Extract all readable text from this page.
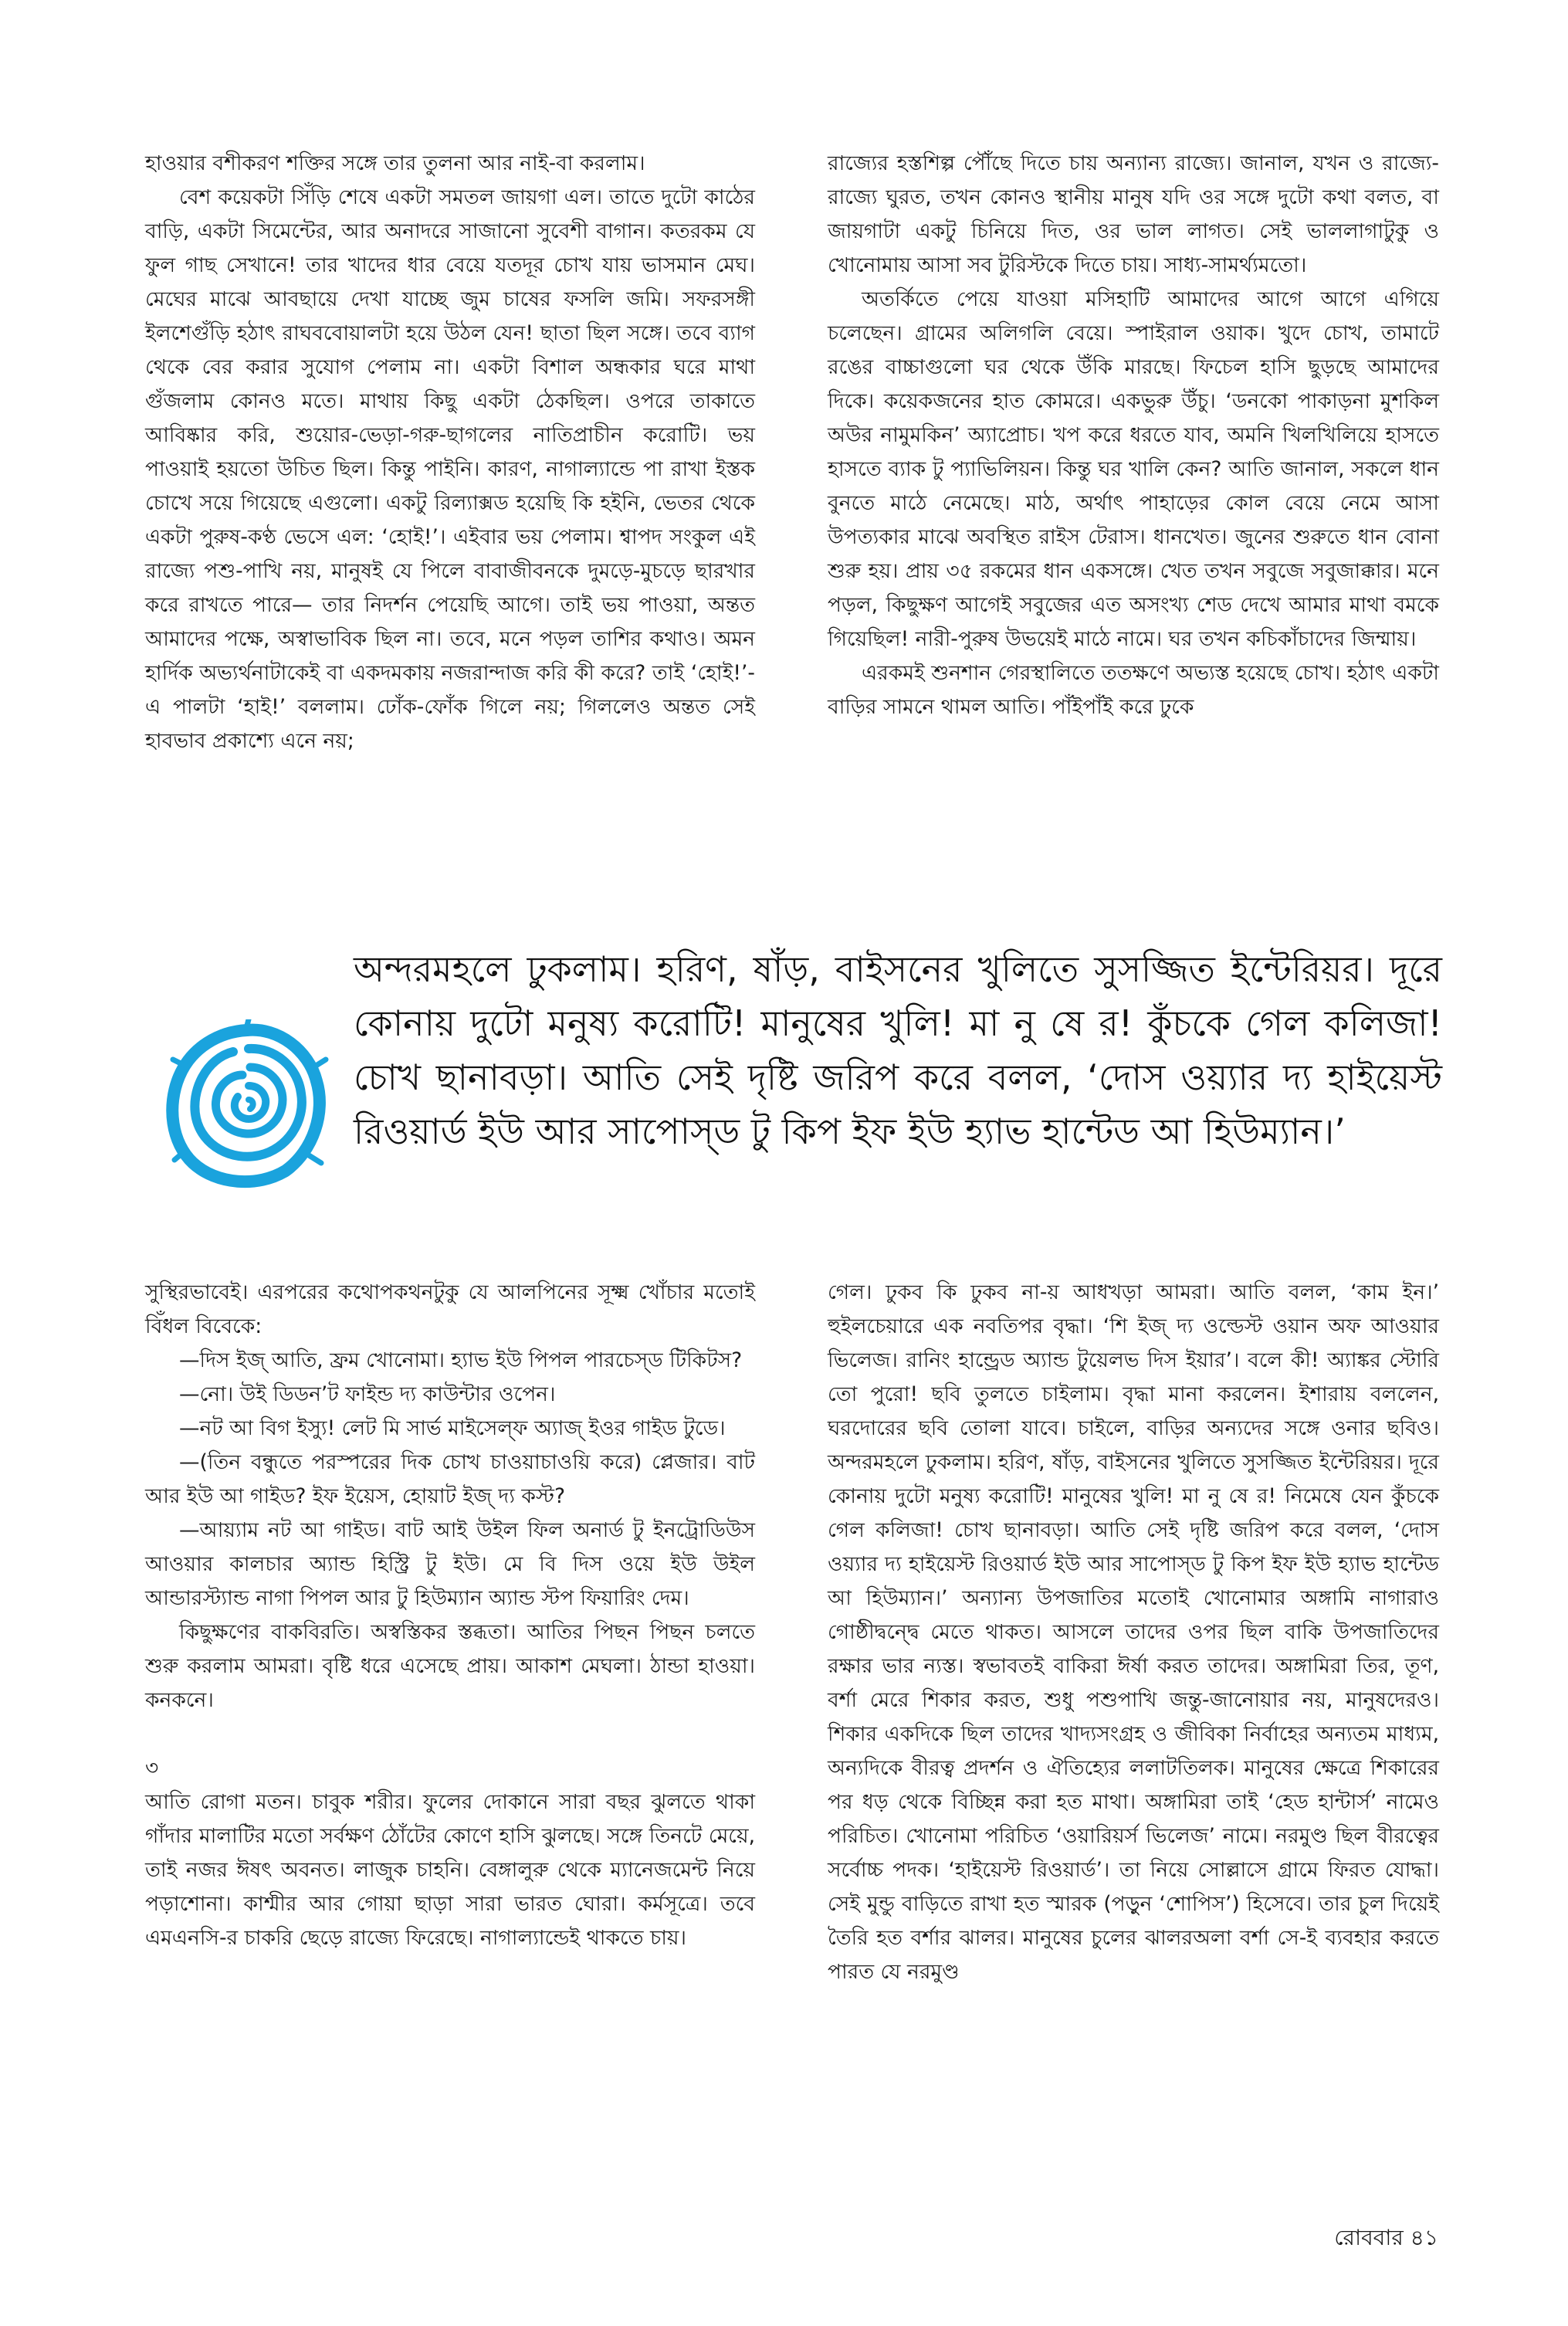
হাওয়ার বশীকরণ শক্তির সঙ্গে তার তুলনা আর নাই-বা করলাম।

বেশ কয়েকটা সিঁড়ি শেষে একটা সমতল জায়গা এল। তাতে দুটো কাঠের বাড়ি, একটা সিমেন্টের, আর অনাদরে সাজানো সুবেশী বাগান। কতরকম যে ফুল গাছ সেখানে! তার খাদের ধার বেয়ে যতদূর চোখ যায় ভাসমান মেঘ। মেঘের মাঝে আবছায়ে দেখা যাচ্ছে জুম চাষের ফসলি জমি। সফরসঙ্গী ইলশেগুঁড়ি হঠাৎ রাঘববোয়ালটা হয়ে উঠল যেন! ছাতা ছিল সঙ্গে। তবে ব্যাগ থেকে বের করার সুযোগ পেলাম না। একটা বিশাল অন্ধকার ঘরে মাথা গুঁজলাম কোনও মতে। মাথায় কিছু একটা ঠেকছিল। ওপরে তাকাতে আবিষ্কার করি, শুয়োর-ভেড়া-গরু-ছাগলের নাতিপ্রাচীন করোটি। ভয় পাওয়াই হয়তো উচিত ছিল। কিন্তু পাইনি। কারণ, নাগাল্যান্ডে পা রাখা ইস্তক চোখে সয়ে গিয়েছে এগুলো। একটু রিল্যাক্সড হয়েছি কি হইনি, ভেতর থেকে একটা পুরুষ-কণ্ঠ ভেসে এল: ‘হোই!’। এইবার ভয় পেলাম। শ্বাপদ সংকুল এই রাজ্যে পশু-পাখি নয়, মানুষই যে পিলে বাবাজীবনকে দুমড়ে-মুচড়ে ছারখার করে রাখতে পারে— তার নিদর্শন পেয়েছি আগে। তাই ভয় পাওয়া, অন্তত আমাদের পক্ষে, অস্বাভাবিক ছিল না। তবে, মনে পড়ল তাশির কথাও। অমন হার্দিক অভ্যর্থনাটাকেই বা একদমকায় নজরান্দাজ করি কী করে? তাই ‘হোই!’-এ পালটা ‘হাই!’ বললাম। ঢোঁক-ফোঁক গিলে নয়; গিললেও অন্তত সেই হাবভাব প্রকাশ্যে এনে নয়;

রাজ্যের হস্তশিল্প পৌঁছে দিতে চায় অন্যান্য রাজ্যে। জানাল, যখন ও রাজ্যে-রাজ্যে ঘুরত, তখন কোনও স্থানীয় মানুষ যদি ওর সঙ্গে দুটো কথা বলত, বা জায়গাটা একটু চিনিয়ে দিত, ওর ভাল লাগত। সেই ভাললাগাটুকু ও খোনোমায় আসা সব টুরিস্টকে দিতে চায়। সাধ্য-সামর্থ্যমতো।

অতর্কিতে পেয়ে যাওয়া মসিহাটি আমাদের আগে আগে এগিয়ে চলেছেন। গ্রামের অলিগলি বেয়ে। স্পাইরাল ওয়াক। খুদে চোখ, তামাটে রঙের বাচ্চাগুলো ঘর থেকে উঁকি মারছে। ফিচেল হাসি ছুড়ছে আমাদের দিকে। কয়েকজনের হাত কোমরে। একভুরু উঁচু। ‘ডনকো পাকাড়না মুশকিল অউর নামুমকিন’ অ্যাপ্রোচ। খপ করে ধরতে যাব, অমনি খিলখিলিয়ে হাসতে হাসতে ব্যাক টু প্যাভিলিয়ন। কিন্তু ঘর খালি কেন? আতি জানাল, সকলে ধান বুনতে মাঠে নেমেছে। মাঠ, অর্থাৎ পাহাড়ের কোল বেয়ে নেমে আসা উপত্যকার মাঝে অবস্থিত রাইস টেরাস। ধানখেত। জুনের শুরুতে ধান বোনা শুরু হয়। প্রায় ৩৫ রকমের ধান একসঙ্গে। খেত তখন সবুজে সবুজাক্কার। মনে পড়ল, কিছুক্ষণ আগেই সবুজের এত অসংখ্য শেড দেখে আমার মাথা বমকে গিয়েছিল! নারী-পুরুষ উভয়েই মাঠে নামে। ঘর তখন কচিকাঁচাদের জিম্মায়।

এরকমই শুনশান গেরস্থালিতে ততক্ষণে অভ্যস্ত হয়েছে চোখ। হঠাৎ একটা বাড়ির সামনে থামল আতি। পাঁইপাঁই করে ঢুকে

অন্দরমহলে ঢুকলাম। হরিণ, ষাঁড়, বাইসনের খুলিতে সুসজ্জিত ইন্টেরিয়র। দূরে কোনায় দুটো মনুষ্য করোটি! মানুষের খুলি! মা নু ষে র! কুঁচকে গেল কলিজা! চোখ ছানাবড়া। আতি সেই দৃষ্টি জরিপ করে বলল, ‘দোস ওয়্যার দ্য হাইয়েস্ট রিওয়ার্ড ইউ আর সাপোস্‌ড টু কিপ ইফ ইউ হ্যাভ হান্টেড আ হিউম্যান।’

সুস্থিরভাবেই। এরপরের কথোপকথনটুকু যে আলপিনের সূক্ষ্ম খোঁচার মতোই বিঁধল বিবেকে:

—দিস ইজ্ আতি, ফ্রম খোনোমা। হ্যাভ ইউ পিপল পারচেস্‌ড টিকিটস?

—নো। উই ডিডন’ট ফাইন্ড দ্য কাউন্টার ওপেন।

—নট আ বিগ ইস্যু! লেট মি সার্ভ মাইসেল্‌ফ অ্যাজ্ ইওর গাইড টুডে।

—(তিন বন্ধুতে পরস্পরের দিক চোখ চাওয়াচাওয়ি করে) প্লেজার। বাট আর ইউ আ গাইড? ইফ ইয়েস, হোয়াট ইজ্ দ্য কস্ট?

—আয়্যাম নট আ গাইড। বাট আই উইল ফিল অনার্ড টু ইনট্রোডিউস আওয়ার কালচার অ্যান্ড হিস্ট্রি টু ইউ। মে বি দিস ওয়ে ইউ উইল আন্ডারস্ট্যান্ড নাগা পিপল আর টু হিউম্যান অ্যান্ড স্টপ ফিয়ারিং দেম।

কিছুক্ষণের বাকবিরতি। অস্বস্তিকর স্তব্ধতা। আতির পিছন পিছন চলতে শুরু করলাম আমরা। বৃষ্টি ধরে এসেছে প্রায়। আকাশ মেঘলা। ঠান্ডা হাওয়া। কনকনে।

৩

আতি রোগা মতন। চাবুক শরীর। ফুলের দোকানে সারা বছর ঝুলতে থাকা গাঁদার মালাটির মতো সর্বক্ষণ ঠোঁটের কোণে হাসি ঝুলছে। সঙ্গে তিনটে মেয়ে, তাই নজর ঈষৎ অবনত। লাজুক চাহনি। বেঙ্গালুরু থেকে ম্যানেজমেন্ট নিয়ে পড়াশোনা। কাশ্মীর আর গোয়া ছাড়া সারা ভারত ঘোরা। কর্মসূত্রে। তবে এমএনসি-র চাকরি ছেড়ে রাজ্যে ফিরেছে। নাগাল্যান্ডেই থাকতে চায়।

গেল। ঢুকব কি ঢুকব না-য় আধখড়া আমরা। আতি বলল, ‘কাম ইন।’ হুইলচেয়ারে এক নবতিপর বৃদ্ধা। ‘শি ইজ্ দ্য ওল্ডেস্ট ওয়ান অফ আওয়ার ভিলেজ। রানিং হান্ড্রেড অ্যান্ড টুয়েলভ দিস ইয়ার’। বলে কী! অ্যাঙ্কর স্টোরি তো পুরো! ছবি তুলতে চাইলাম। বৃদ্ধা মানা করলেন। ইশারায় বললেন, ঘরদোরের ছবি তোলা যাবে। চাইলে, বাড়ির অন্যদের সঙ্গে ওনার ছবিও। অন্দরমহলে ঢুকলাম। হরিণ, ষাঁড়, বাইসনের খুলিতে সুসজ্জিত ইন্টেরিয়র। দূরে কোনায় দুটো মনুষ্য করোটি! মানুষের খুলি! মা নু ষে র! নিমেষে যেন কুঁচকে গেল কলিজা! চোখ ছানাবড়া। আতি সেই দৃষ্টি জরিপ করে বলল, ‘দোস ওয়্যার দ্য হাইয়েস্ট রিওয়ার্ড ইউ আর সাপোস্‌ড টু কিপ ইফ ইউ হ্যাভ হান্টেড আ হিউম্যান।’ অন্যান্য উপজাতির মতোই খোনোমার অঙ্গামি নাগারাও গোষ্ঠীদ্বন্দ্বে মেতে থাকত। আসলে তাদের ওপর ছিল বাকি উপজাতিদের রক্ষার ভার ন্যস্ত। স্বভাবতই বাকিরা ঈর্ষা করত তাদের। অঙ্গামিরা তির, তূণ, বর্শা মেরে শিকার করত, শুধু পশুপাখি জন্তু-জানোয়ার নয়, মানুষদেরও। শিকার একদিকে ছিল তাদের খাদ্যসংগ্রহ ও জীবিকা নির্বাহের অন্যতম মাধ্যম, অন্যদিকে বীরত্ব প্রদর্শন ও ঐতিহ্যের ললাটতিলক। মানুষের ক্ষেত্রে শিকারের পর ধড় থেকে বিচ্ছিন্ন করা হত মাথা। অঙ্গামিরা তাই ‘হেড হান্টার্স’ নামেও পরিচিত। খোনোমা পরিচিত ‘ওয়ারিয়র্স ভিলেজ’ নামে। নরমুণ্ড ছিল বীরত্বের সর্বোচ্চ পদক। ‘হাইয়েস্ট রিওয়ার্ড’। তা নিয়ে সোল্লাসে গ্রামে ফিরত যোদ্ধা। সেই মুন্ডু বাড়িতে রাখা হত স্মারক (পড়ুন ‘শোপিস’) হিসেবে। তার চুল দিয়েই তৈরি হত বর্শার ঝালর। মানুষের চুলের ঝালরঅলা বর্শা সে-ই ব্যবহার করতে পারত যে নরমুণ্ড

রোববার ৪১
